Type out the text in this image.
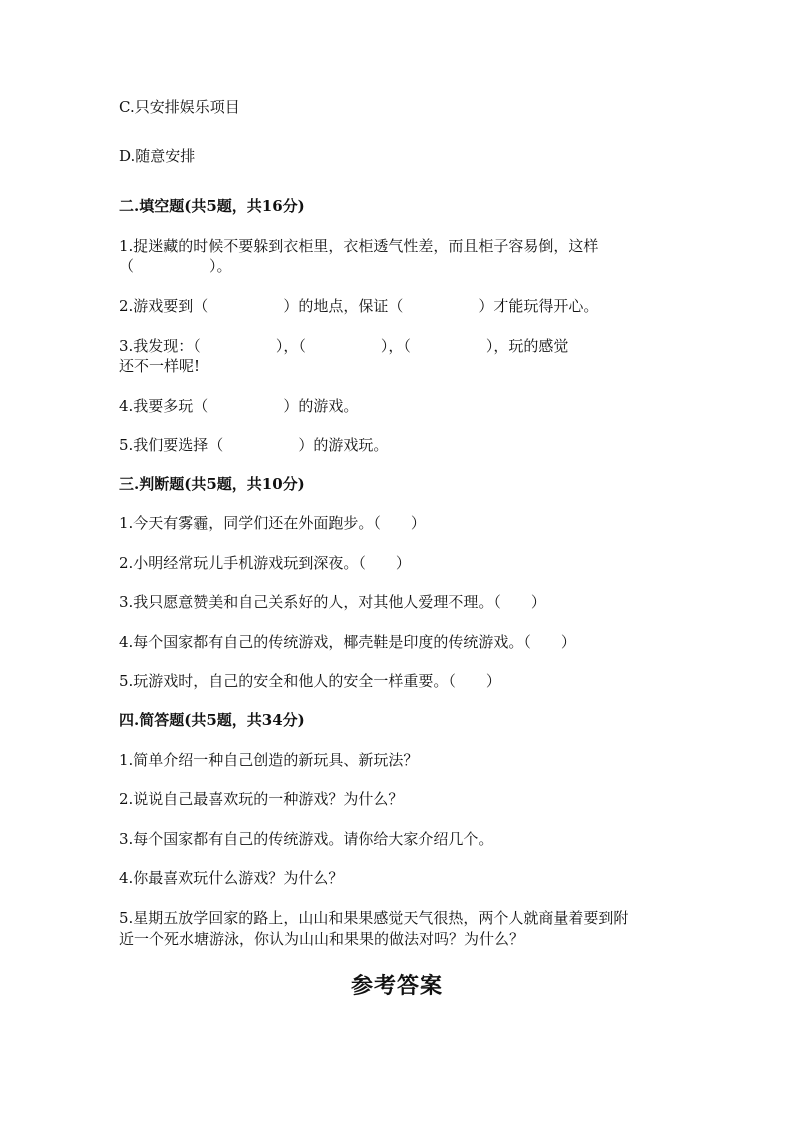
C.只安排娱乐项目
D.随意安排
二.填空题(共5题，共16分)
1.捉迷藏的时候不要躲到衣柜里，衣柜透气性差，而且柜子容易倒，这样
（　　　　　）。
2.游戏要到（　　　　　）的地点，保证（　　　　　）才能玩得开心。
3.我发现：（　　　　　），（　　　　　），（　　　　　），玩的感觉
还不一样呢!
4.我要多玩（　　　　　）的游戏。
5.我们要选择（　　　　　）的游戏玩。
三.判断题(共5题，共10分)
1.今天有雾霾，同学们还在外面跑步。（　　）
2.小明经常玩儿手机游戏玩到深夜。（　　）
3.我只愿意赞美和自己关系好的人，对其他人爱理不理。（　　）
4.每个国家都有自己的传统游戏，椰壳鞋是印度的传统游戏。（　　）
5.玩游戏时，自己的安全和他人的安全一样重要。（　　）
四.简答题(共5题，共34分)
1.简单介绍一种自己创造的新玩具、新玩法？
2.说说自己最喜欢玩的一种游戏？为什么？
3.每个国家都有自己的传统游戏。请你给大家介绍几个。
4.你最喜欢玩什么游戏？为什么？
5.星期五放学回家的路上，山山和果果感觉天气很热，两个人就商量着要到附
近一个死水塘游泳，你认为山山和果果的做法对吗？为什么？
参考答案
